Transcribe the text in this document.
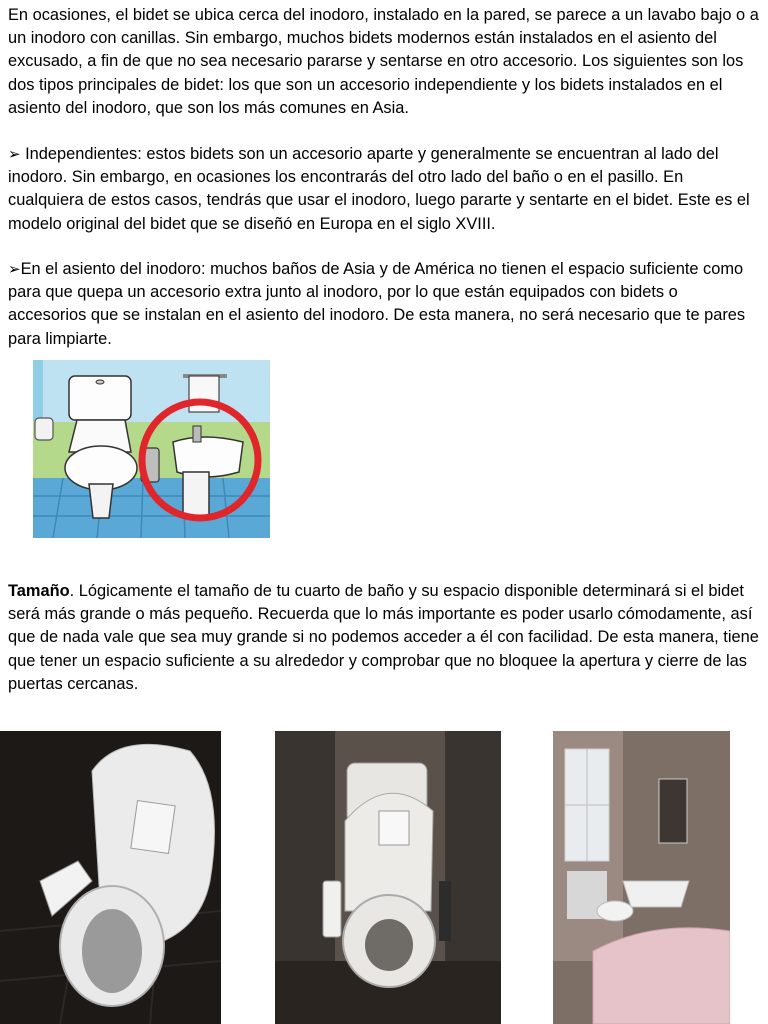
En ocasiones, el bidet se ubica cerca del inodoro, instalado en la pared, se parece a un lavabo bajo o a un inodoro con canillas. Sin embargo, muchos bidets modernos están instalados en el asiento del excusado, a fin de que no sea necesario pararse y sentarse en otro accesorio. Los siguientes son los dos tipos principales de bidet: los que son un accesorio independiente y los bidets instalados en el asiento del inodoro, que son los más comunes en Asia.

➢ Independientes: estos bidets son un accesorio aparte y generalmente se encuentran al lado del inodoro. Sin embargo, en ocasiones los encontrarás del otro lado del baño o en el pasillo. En cualquiera de estos casos, tendrás que usar el inodoro, luego pararte y sentarte en el bidet. Este es el modelo original del bidet que se diseñó en Europa en el siglo XVIII.

➢En el asiento del inodoro: muchos baños de Asia y de América no tienen el espacio suficiente como para que quepa un accesorio extra junto al inodoro, por lo que están equipados con bidets o accesorios que se instalan en el asiento del inodoro. De esta manera, no será necesario que te pares para limpiarte.

Tamaño. Lógicamente el tamaño de tu cuarto de baño y su espacio disponible determinará si el bidet será más grande o más pequeño. Recuerda que lo más importante es poder usarlo cómodamente, así que de nada vale que sea muy grande si no podemos acceder a él con facilidad. De esta manera, tiene que tener un espacio suficiente a su alrededor y comprobar que no bloquee la apertura y cierre de las puertas cercanas.
